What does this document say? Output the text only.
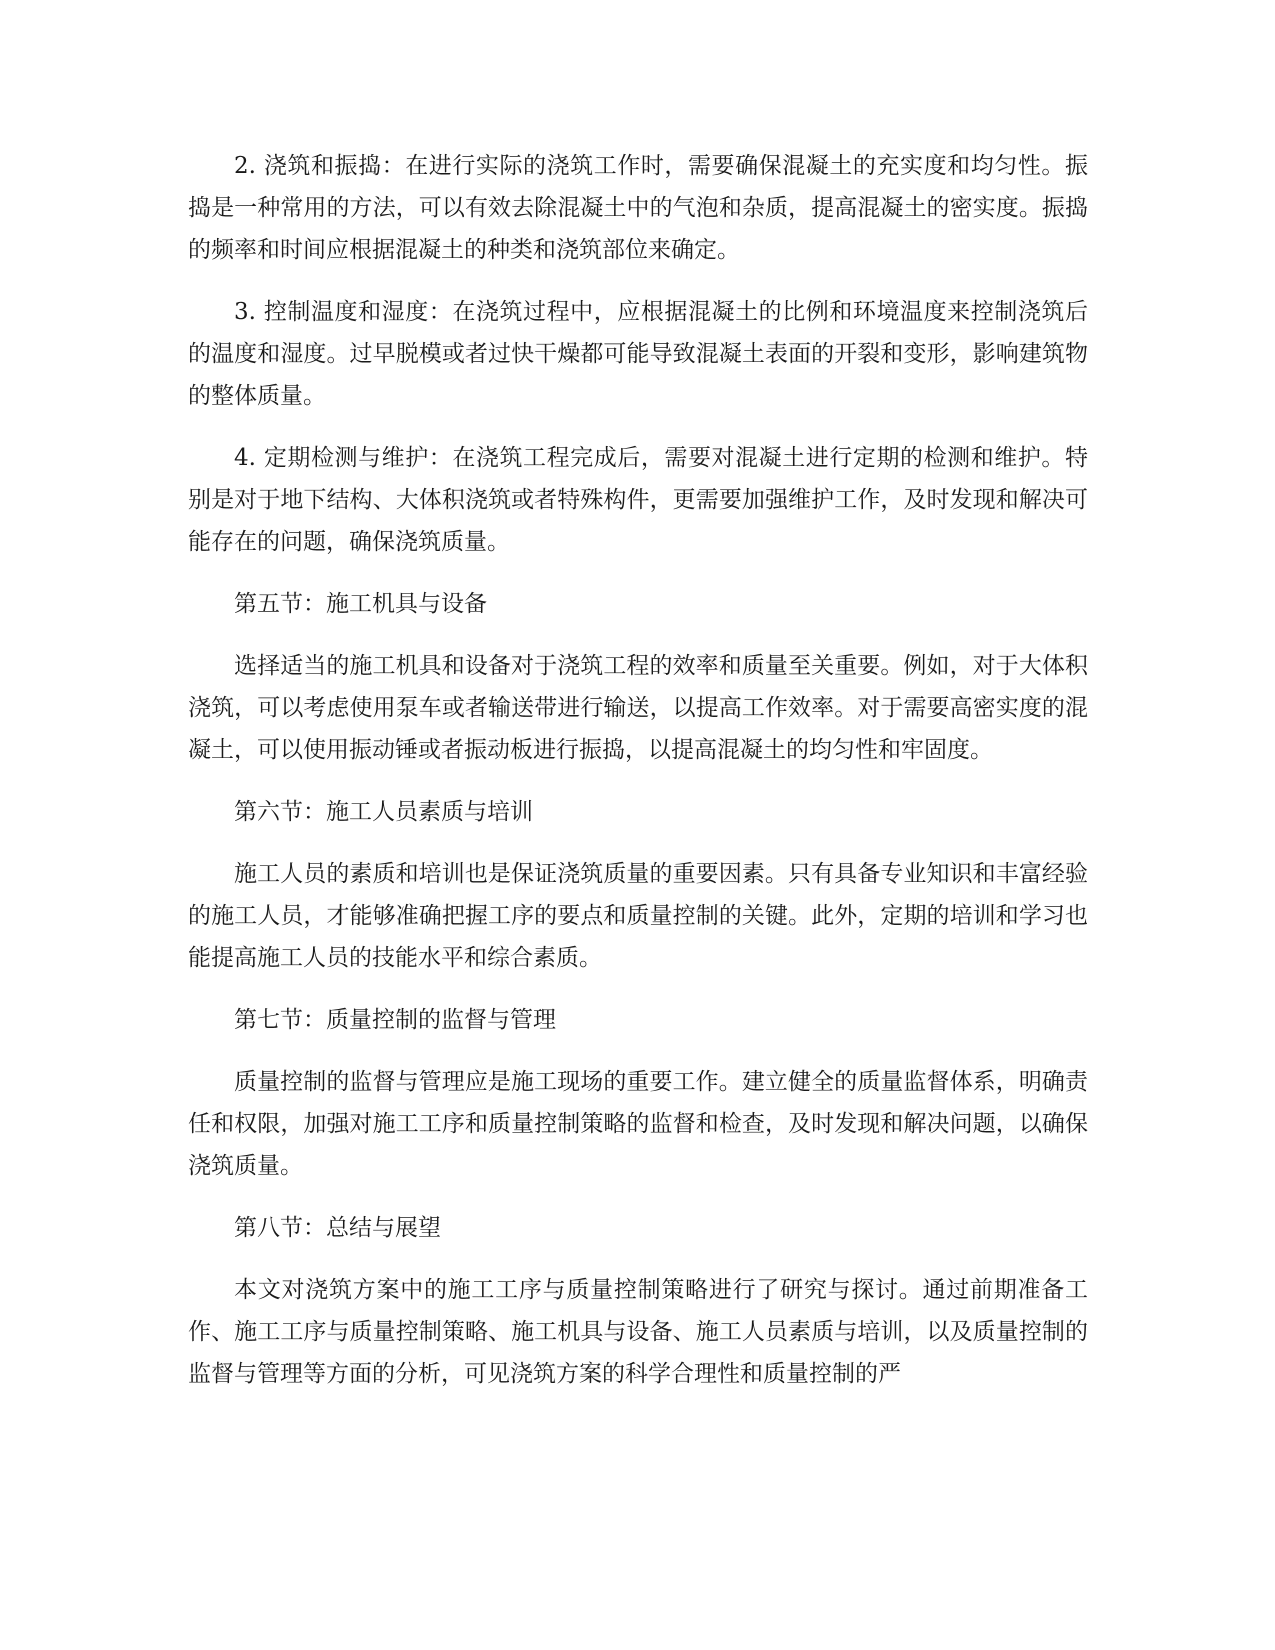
2. 浇筑和振捣：在进行实际的浇筑工作时，需要确保混凝土的充实度和均匀性。振捣是一种常用的方法，可以有效去除混凝土中的气泡和杂质，提高混凝土的密实度。振捣的频率和时间应根据混凝土的种类和浇筑部位来确定。

3. 控制温度和湿度：在浇筑过程中，应根据混凝土的比例和环境温度来控制浇筑后的温度和湿度。过早脱模或者过快干燥都可能导致混凝土表面的开裂和变形，影响建筑物的整体质量。

4. 定期检测与维护：在浇筑工程完成后，需要对混凝土进行定期的检测和维护。特别是对于地下结构、大体积浇筑或者特殊构件，更需要加强维护工作，及时发现和解决可能存在的问题，确保浇筑质量。

第五节：施工机具与设备

选择适当的施工机具和设备对于浇筑工程的效率和质量至关重要。例如，对于大体积浇筑，可以考虑使用泵车或者输送带进行输送，以提高工作效率。对于需要高密实度的混凝土，可以使用振动锤或者振动板进行振捣，以提高混凝土的均匀性和牢固度。

第六节：施工人员素质与培训

施工人员的素质和培训也是保证浇筑质量的重要因素。只有具备专业知识和丰富经验的施工人员，才能够准确把握工序的要点和质量控制的关键。此外，定期的培训和学习也能提高施工人员的技能水平和综合素质。

第七节：质量控制的监督与管理

质量控制的监督与管理应是施工现场的重要工作。建立健全的质量监督体系，明确责任和权限，加强对施工工序和质量控制策略的监督和检查，及时发现和解决问题，以确保浇筑质量。

第八节：总结与展望

本文对浇筑方案中的施工工序与质量控制策略进行了研究与探讨。通过前期准备工作、施工工序与质量控制策略、施工机具与设备、施工人员素质与培训，以及质量控制的监督与管理等方面的分析，可见浇筑方案的科学合理性和质量控制的严
